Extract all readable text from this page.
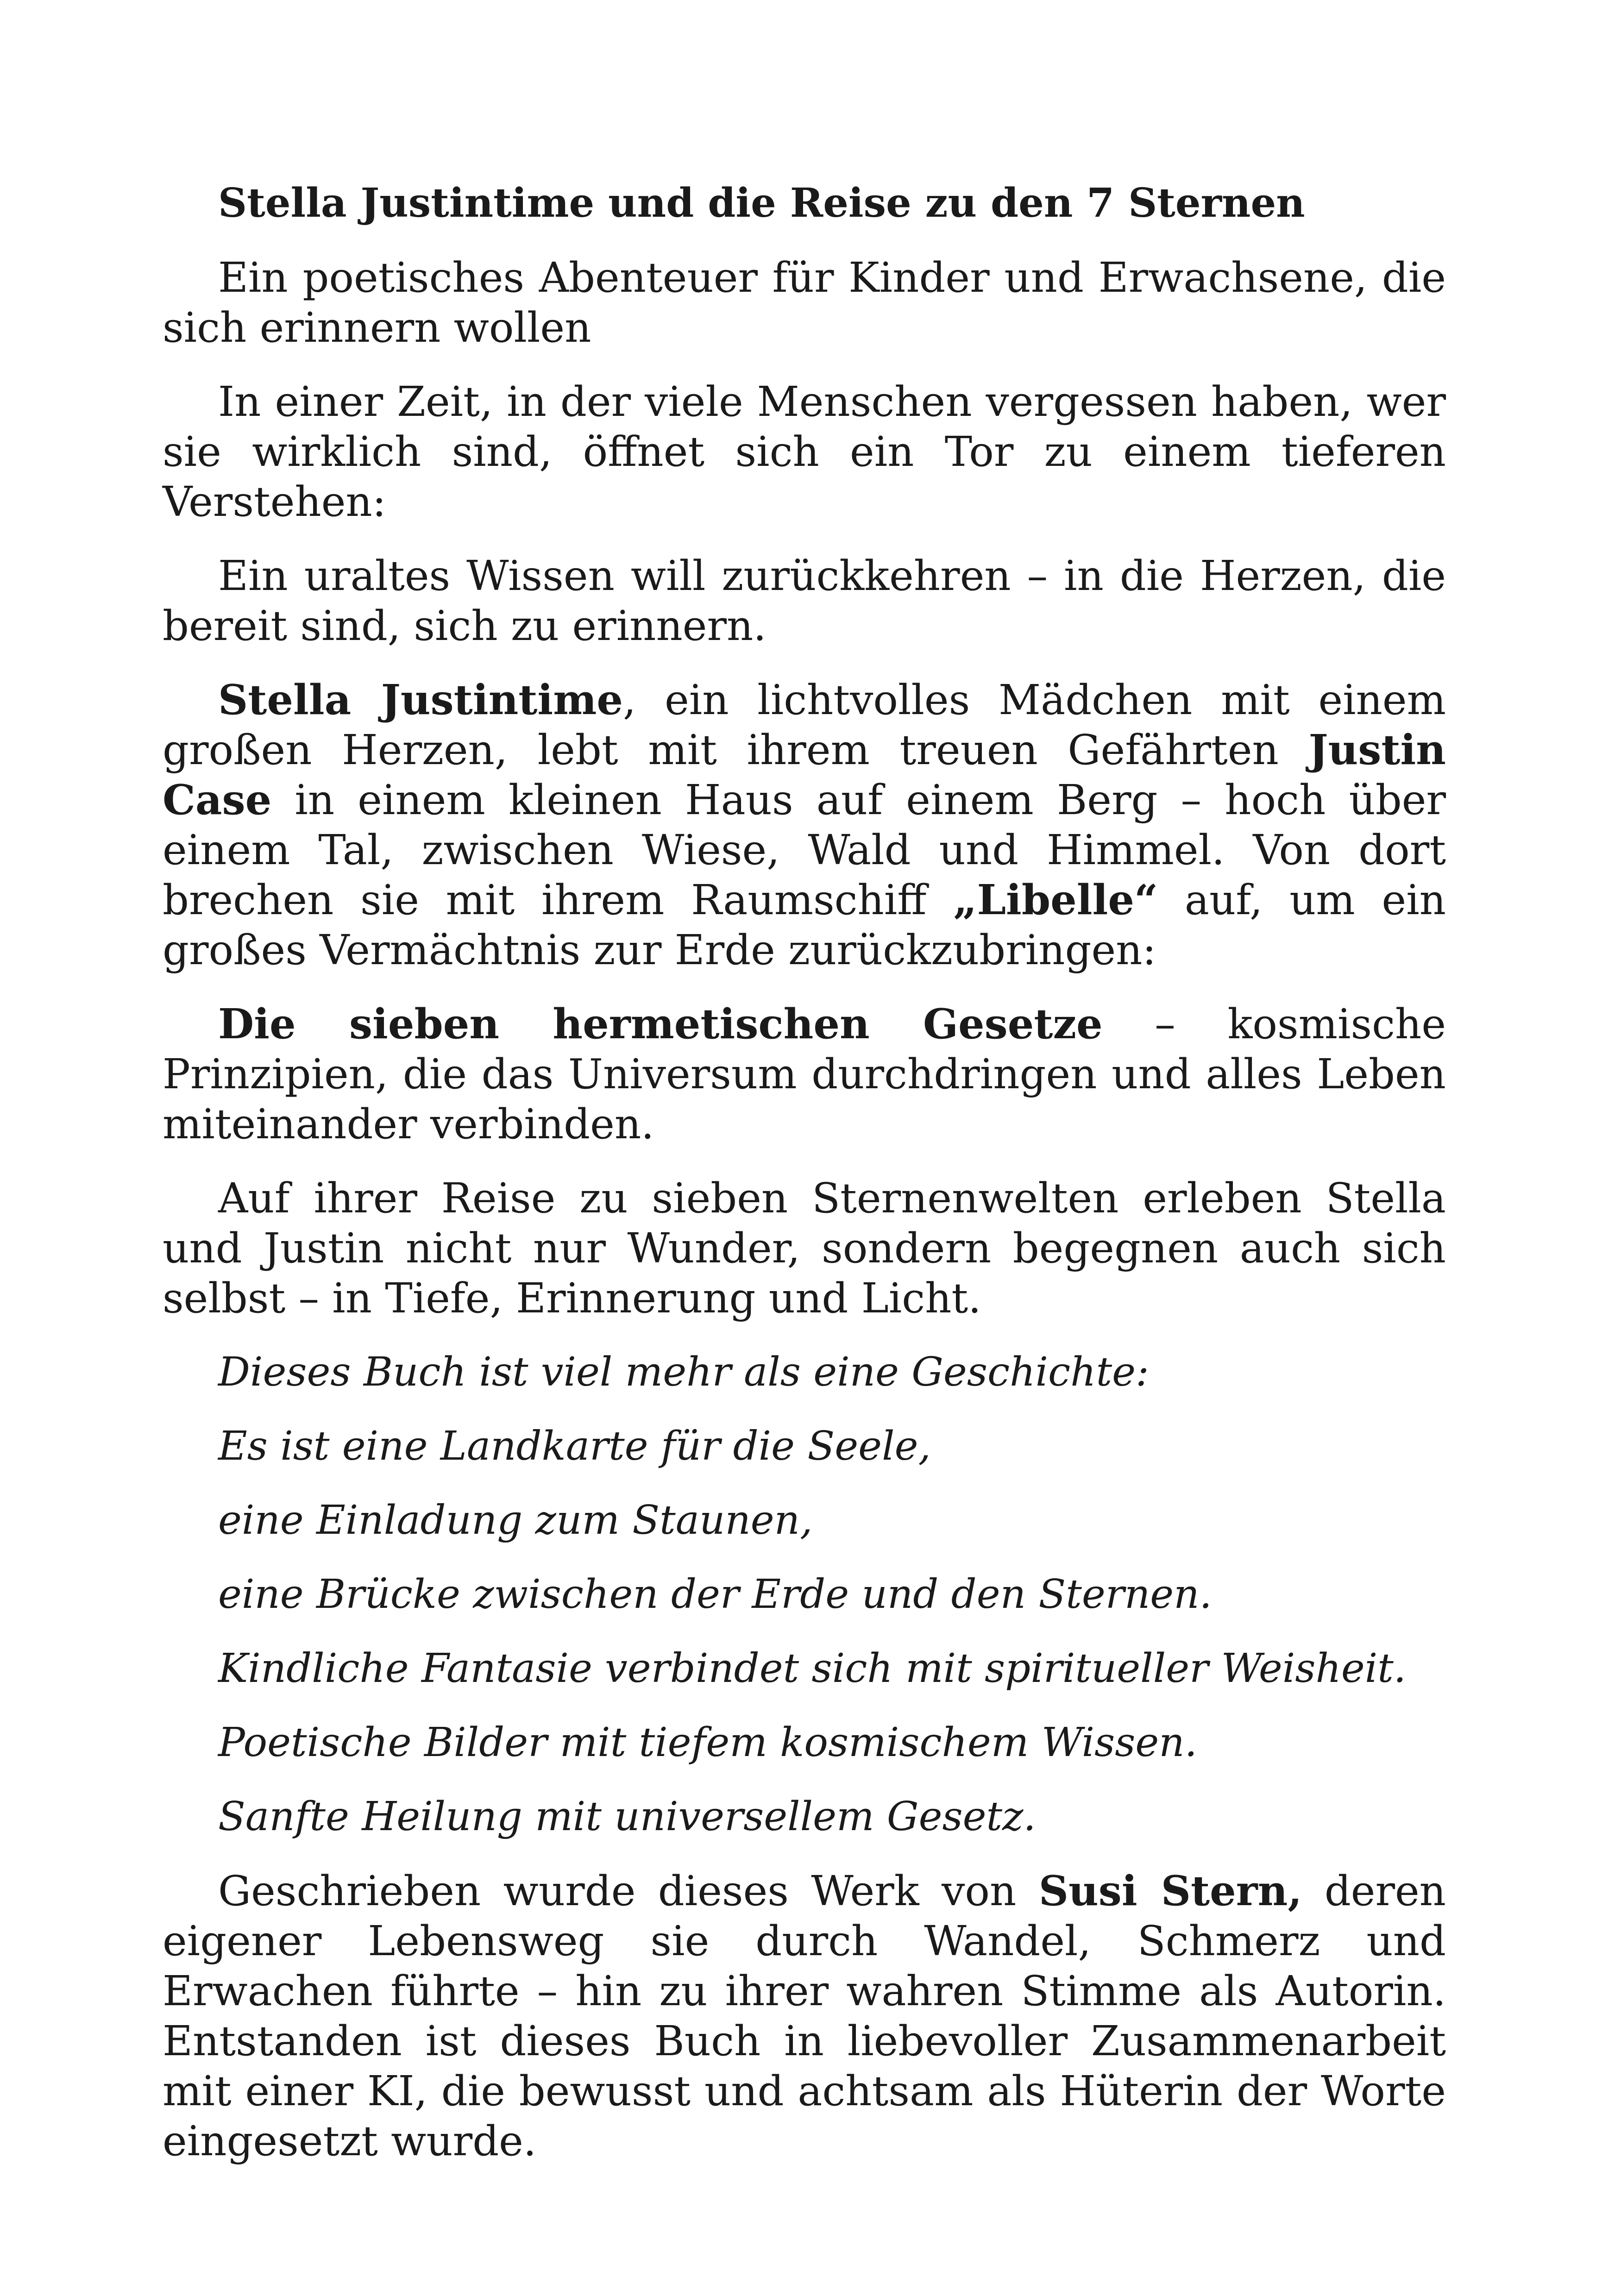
Stella Justintime und die Reise zu den 7 Sternen

Ein poetisches Abenteuer für Kinder und Erwachsene, die sich erinnern wollen

In einer Zeit, in der viele Menschen vergessen haben, wer sie wirklich sind, öffnet sich ein Tor zu einem tieferen Verstehen:

Ein uraltes Wissen will zurückkehren – in die Herzen, die bereit sind, sich zu erinnern.

Stella Justintime, ein lichtvolles Mädchen mit einem großen Herzen, lebt mit ihrem treuen Gefährten Justin Case in einem kleinen Haus auf einem Berg – hoch über einem Tal, zwischen Wiese, Wald und Himmel. Von dort brechen sie mit ihrem Raumschiff „Libelle“ auf, um ein großes Vermächtnis zur Erde zurückzubringen:

Die sieben hermetischen Gesetze – kosmische Prinzipien, die das Universum durchdringen und alles Leben miteinander verbinden.

Auf ihrer Reise zu sieben Sternenwelten erleben Stella und Justin nicht nur Wunder, sondern begegnen auch sich selbst – in Tiefe, Erinnerung und Licht.

Dieses Buch ist viel mehr als eine Geschichte:

Es ist eine Landkarte für die Seele,

eine Einladung zum Staunen,

eine Brücke zwischen der Erde und den Sternen.

Kindliche Fantasie verbindet sich mit spiritueller Weisheit.

Poetische Bilder mit tiefem kosmischem Wissen.

Sanfte Heilung mit universellem Gesetz.

Geschrieben wurde dieses Werk von Susi Stern, deren eigener Lebensweg sie durch Wandel, Schmerz und Erwachen führte – hin zu ihrer wahren Stimme als Autorin. Entstanden ist dieses Buch in liebevoller Zusammenarbeit mit einer KI, die bewusst und achtsam als Hüterin der Worte eingesetzt wurde.
